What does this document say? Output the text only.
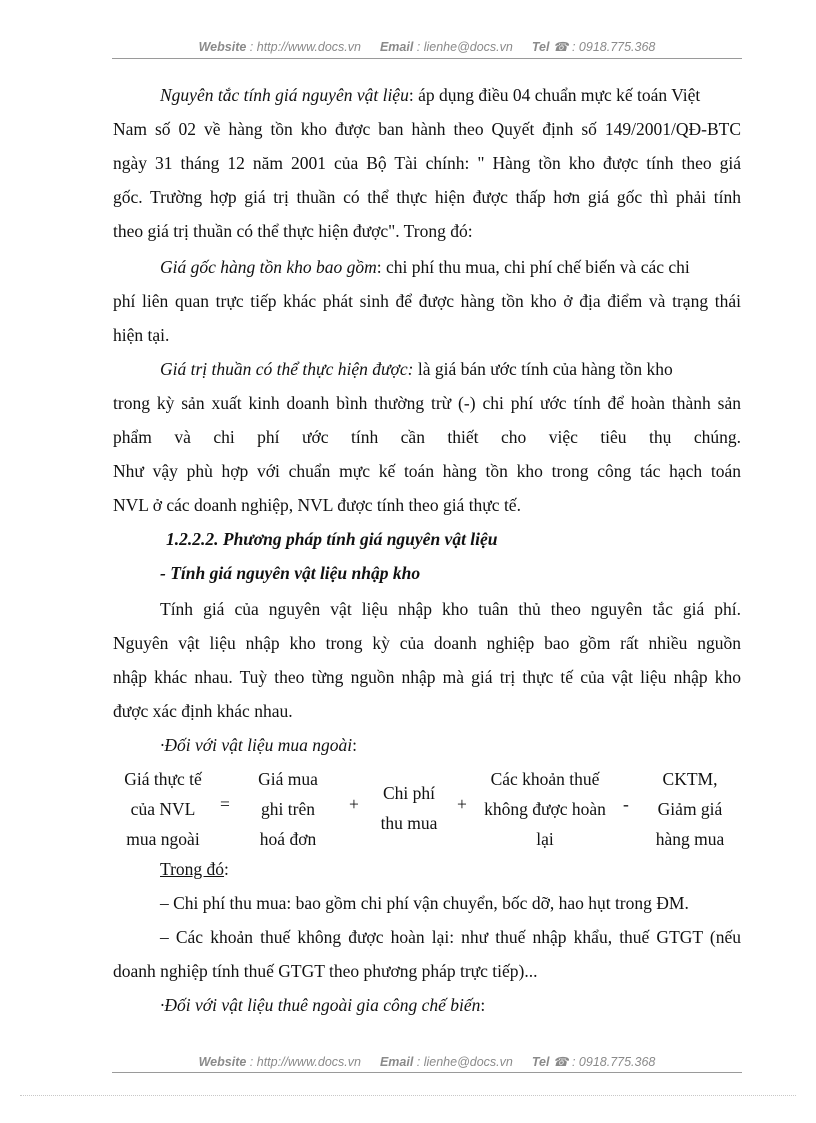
Website : http://www.docs.vn Email : lienhe@docs.vn Tel ☎ : 0918.775.368
Nguyên tắc tính giá nguyên vật liệu: áp dụng điều 04 chuẩn mực kế toán Việt
Nam số 02 về hàng tồn kho được ban hành theo Quyết định số 149/2001/QĐ-BTC
ngày 31 tháng 12 năm 2001 của Bộ Tài chính: " Hàng tồn kho được tính theo giá
gốc. Trường hợp giá trị thuần có thể thực hiện được thấp hơn giá gốc thì phải tính
theo giá trị thuần có thể thực hiện được". Trong đó:
Giá gốc hàng tồn kho bao gồm: chi phí thu mua, chi phí chế biến và các chi
phí liên quan trực tiếp khác phát sinh để được hàng tồn kho ở địa điểm và trạng thái
hiện tại.
Giá trị thuần có thể thực hiện được: là giá bán ước tính của hàng tồn kho
trong kỳ sản xuất kinh doanh bình thường trừ (-) chi phí ước tính để hoàn thành sản
phẩm và chi phí ước tính cần thiết cho việc tiêu thụ chúng.
Như vậy phù hợp với chuẩn mực kế toán hàng tồn kho trong công tác hạch toán
NVL ở các doanh nghiệp, NVL được tính theo giá thực tế.
1.2.2.2. Phương pháp tính giá nguyên vật liệu
- Tính giá nguyên vật liệu nhập kho
Tính giá của nguyên vật liệu nhập kho tuân thủ theo nguyên tắc giá phí.
Nguyên vật liệu nhập kho trong kỳ của doanh nghiệp bao gồm rất nhiều nguồn
nhập khác nhau. Tuỳ theo từng nguồn nhập mà giá trị thực tế của vật liệu nhập kho
được xác định khác nhau.
·Đối với vật liệu mua ngoài:
Giá thực tế
của NVL
mua ngoài
=
Giá mua
ghi trên
hoá đơn
+
Chi phí
thu mua
+
Các khoản thuế
không được hoàn
lại
-
CKTM,
Giảm giá
hàng mua
Trong đó:
– Chi phí thu mua: bao gồm chi phí vận chuyển, bốc dỡ, hao hụt trong ĐM.
– Các khoản thuế không được hoàn lại: như thuế nhập khẩu, thuế GTGT (nếu
doanh nghiệp tính thuế GTGT theo phương pháp trực tiếp)...
·Đối với vật liệu thuê ngoài gia công chế biến:
Website : http://www.docs.vn Email : lienhe@docs.vn Tel ☎ : 0918.775.368
